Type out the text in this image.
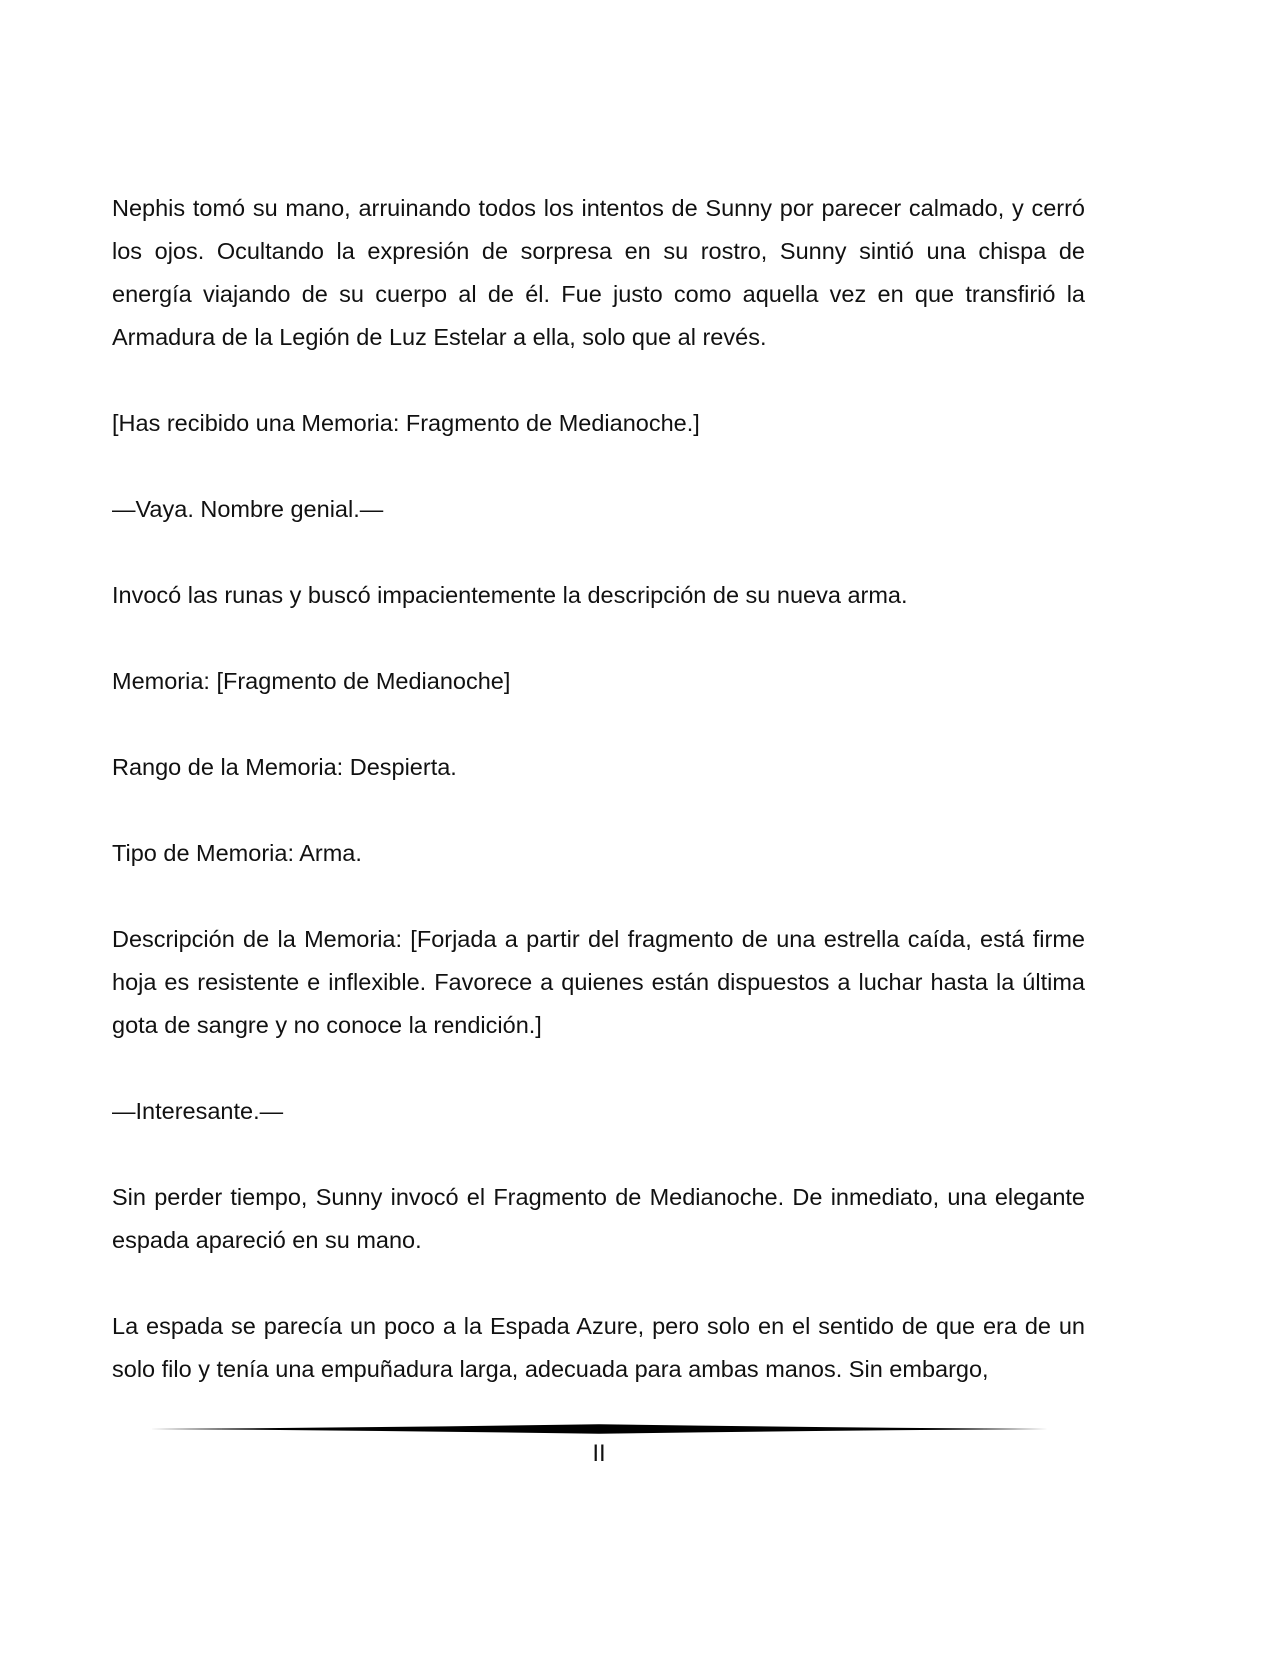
Nephis tomó su mano, arruinando todos los intentos de Sunny por parecer calmado, y cerró los ojos. Ocultando la expresión de sorpresa en su rostro, Sunny sintió una chispa de energía viajando de su cuerpo al de él. Fue justo como aquella vez en que transfirió la Armadura de la Legión de Luz Estelar a ella, solo que al revés.

[Has recibido una Memoria: Fragmento de Medianoche.]

—Vaya. Nombre genial.—

Invocó las runas y buscó impacientemente la descripción de su nueva arma.

Memoria: [Fragmento de Medianoche]

Rango de la Memoria: Despierta.

Tipo de Memoria: Arma.

Descripción de la Memoria: [Forjada a partir del fragmento de una estrella caída, está firme hoja es resistente e inflexible. Favorece a quienes están dispuestos a luchar hasta la última gota de sangre y no conoce la rendición.]

—Interesante.—

Sin perder tiempo, Sunny invocó el Fragmento de Medianoche. De inmediato, una elegante espada apareció en su mano.

La espada se parecía un poco a la Espada Azure, pero solo en el sentido de que era de un solo filo y tenía una empuñadura larga, adecuada para ambas manos. Sin embargo,

II
